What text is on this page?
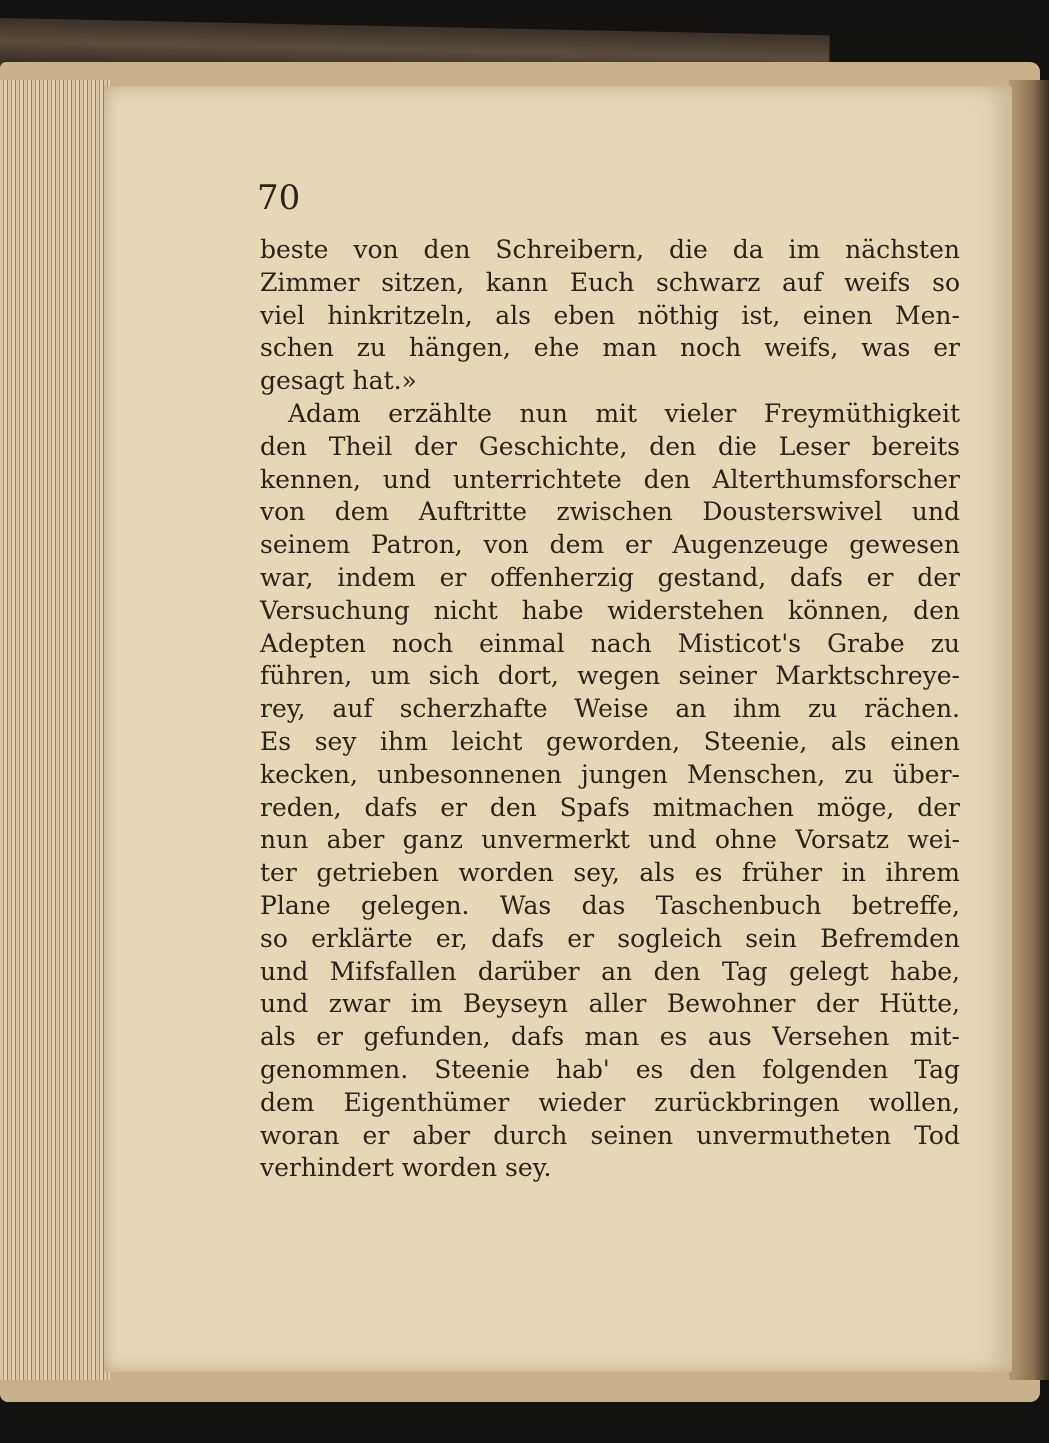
70
beste von den Schreibern, die da im nächsten
Zimmer sitzen, kann Euch schwarz auf weifs so
viel hinkritzeln, als eben nöthig ist, einen Men-
schen zu hängen, ehe man noch weifs, was er
gesagt hat.»
Adam erzählte nun mit vieler Freymüthigkeit
den Theil der Geschichte, den die Leser bereits
kennen, und unterrichtete den Alterthumsforscher
von dem Auftritte zwischen Dousterswivel und
seinem Patron, von dem er Augenzeuge gewesen
war, indem er offenherzig gestand, dafs er der
Versuchung nicht habe widerstehen können, den
Adepten noch einmal nach Misticot's Grabe zu
führen, um sich dort, wegen seiner Marktschreye-
rey, auf scherzhafte Weise an ihm zu rächen.
Es sey ihm leicht geworden, Steenie, als einen
kecken, unbesonnenen jungen Menschen, zu über-
reden, dafs er den Spafs mitmachen möge, der
nun aber ganz unvermerkt und ohne Vorsatz wei-
ter getrieben worden sey, als es früher in ihrem
Plane gelegen. Was das Taschenbuch betreffe,
so erklärte er, dafs er sogleich sein Befremden
und Mifsfallen darüber an den Tag gelegt habe,
und zwar im Beyseyn aller Bewohner der Hütte,
als er gefunden, dafs man es aus Versehen mit-
genommen. Steenie hab' es den folgenden Tag
dem Eigenthümer wieder zurückbringen wollen,
woran er aber durch seinen unvermutheten Tod
verhindert worden sey.
